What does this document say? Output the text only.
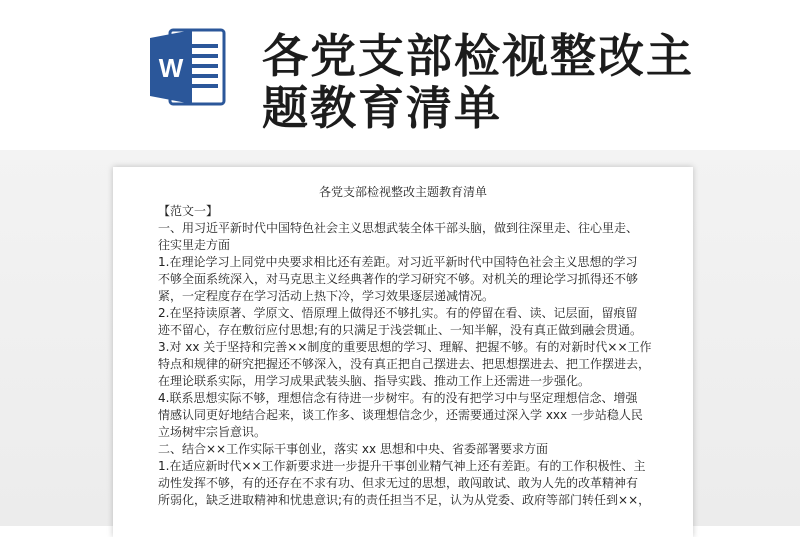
W 各党支部检视整改主题教育清单
各党支部检视整改主题教育清单
【范文一】
一、用习近平新时代中国特色社会主义思想武装全体干部头脑，做到往深里走、往心里走、
往实里走方面
1.在理论学习上同党中央要求相比还有差距。对习近平新时代中国特色社会主义思想的学习
不够全面系统深入，对马克思主义经典著作的学习研究不够。对机关的理论学习抓得还不够
紧，一定程度存在学习活动上热下冷，学习效果逐层递减情况。
2.在坚持读原著、学原文、悟原理上做得还不够扎实。有的停留在看、读、记层面，留痕留
迹不留心，存在敷衍应付思想;有的只满足于浅尝辄止、一知半解，没有真正做到融会贯通。
3.对 xx 关于坚持和完善××制度的重要思想的学习、理解、把握不够。有的对新时代××工作
特点和规律的研究把握还不够深入，没有真正把自己摆进去、把思想摆进去、把工作摆进去，
在理论联系实际，用学习成果武装头脑、指导实践、推动工作上还需进一步强化。
4.联系思想实际不够，理想信念有待进一步树牢。有的没有把学习中与坚定理想信念、增强
情感认同更好地结合起来，谈工作多、谈理想信念少，还需要通过深入学 xxx 一步站稳人民
立场树牢宗旨意识。
二、结合××工作实际干事创业，落实 xx 思想和中央、省委部署要求方面
1.在适应新时代××工作新要求进一步提升干事创业精气神上还有差距。有的工作积极性、主
动性发挥不够，有的还存在不求有功、但求无过的思想，敢闯敢试、敢为人先的改革精神有
所弱化，缺乏进取精神和忧患意识;有的责任担当不足，认为从党委、政府等部门转任到××，
